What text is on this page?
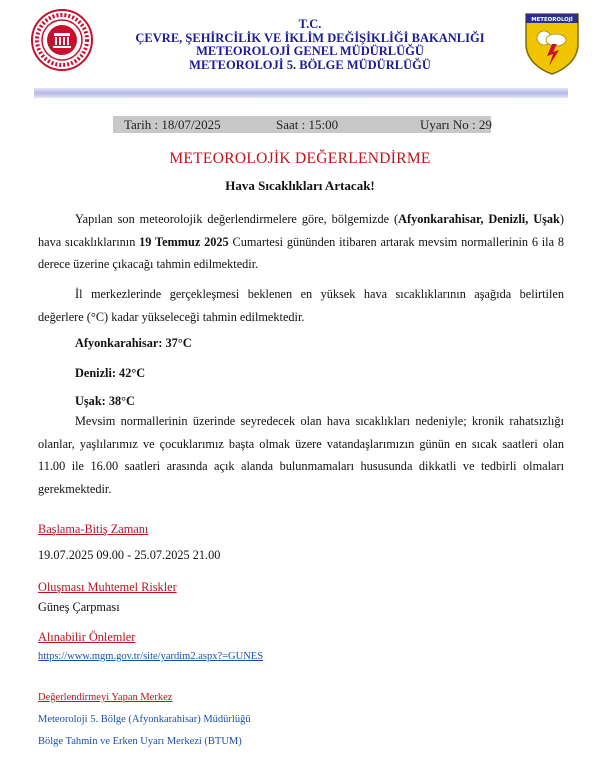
T.C.
ÇEVRE, ŞEHİRCİLİK VE İKLİM DEĞİŞİKLİĞİ BAKANLIĞI
METEOROLOJİ GENEL MÜDÜRLÜĞÜ
METEOROLOJİ 5. BÖLGE MÜDÜRLÜĞÜ
METEOROLOJİ
Tarih : 18/07/2025	Saat : 15:00	Uyarı No : 29
METEOROLOJİK DEĞERLENDİRME
Hava Sıcaklıkları Artacak!
Yapılan son meteorolojik değerlendirmelere göre, bölgemizde (Afyonkarahisar, Denizli, Uşak) hava sıcaklıklarının 19 Temmuz 2025 Cumartesi gününden itibaren artarak mevsim normallerinin 6 ila 8 derece üzerine çıkacağı tahmin edilmektedir.
İl merkezlerinde gerçekleşmesi beklenen en yüksek hava sıcaklıklarının aşağıda belirtilen değerlere (°C) kadar yükseleceği tahmin edilmektedir.
Afyonkarahisar: 37°C
Denizli: 42°C
Uşak: 38°C
Mevsim normallerinin üzerinde seyredecek olan hava sıcaklıkları nedeniyle; kronik rahatsızlığı olanlar, yaşlılarımız ve çocuklarımız başta olmak üzere vatandaşlarımızın günün en sıcak saatleri olan 11.00 ile 16.00 saatleri arasında açık alanda bulunmamaları hususunda dikkatli ve tedbirli olmaları gerekmektedir.
Başlama-Bitiş Zamanı
19.07.2025 09.00 - 25.07.2025 21.00
Oluşması Muhtemel Riskler
Güneş Çarpması
Alınabilir Önlemler
https://www.mgm.gov.tr/site/yardim2.aspx?=GUNES
Değerlendirmeyi Yapan Merkez
Meteoroloji 5. Bölge (Afyonkarahisar) Müdürlüğü
Bölge Tahmin ve Erken Uyarı Merkezi (BTUM)
